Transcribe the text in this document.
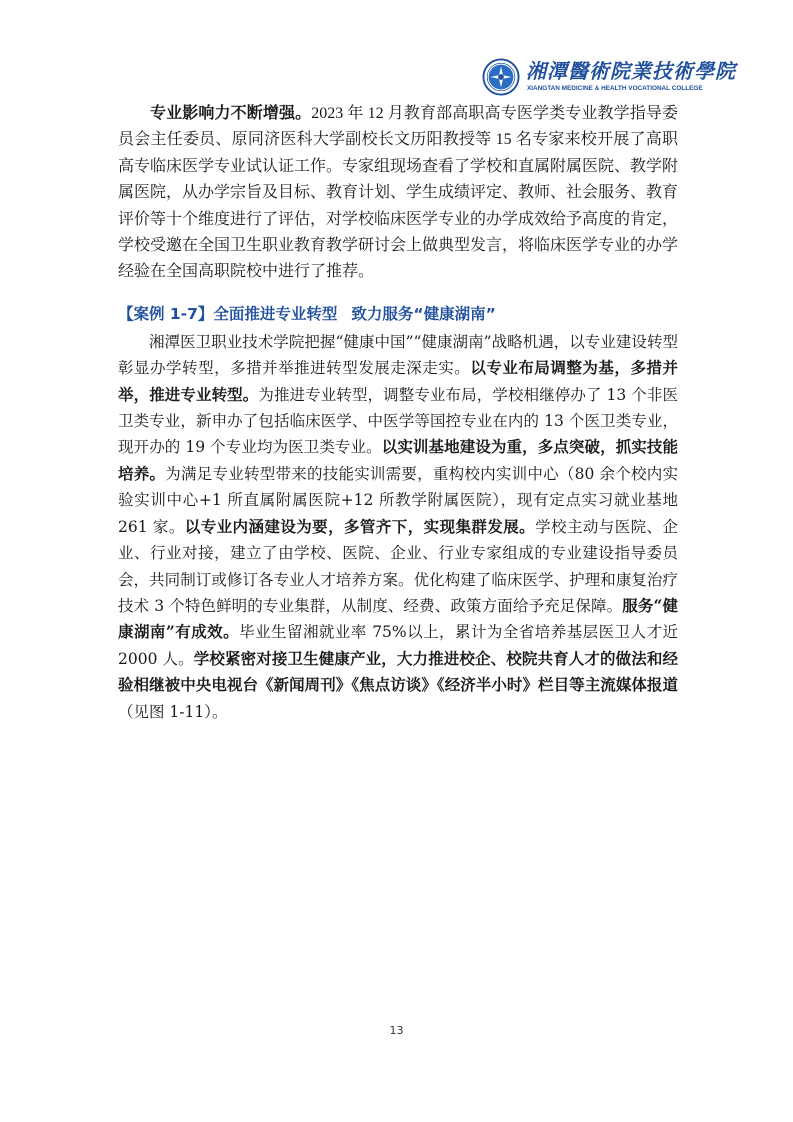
湘潭醫術院業技術學院
XIANGTAN MEDICINE & HEALTH VOCATIONAL COLLEGE

专业影响力不断增强。2023 年 12 月教育部高职高专医学类专业教学指导委员会主任委员、原同济医科大学副校长文历阳教授等 15 名专家来校开展了高职高专临床医学专业试认证工作。专家组现场查看了学校和直属附属医院、教学附属医院，从办学宗旨及目标、教育计划、学生成绩评定、教师、社会服务、教育评价等十个维度进行了评估，对学校临床医学专业的办学成效给予高度的肯定，学校受邀在全国卫生职业教育教学研讨会上做典型发言，将临床医学专业的办学经验在全国高职院校中进行了推荐。

【案例 1-7】全面推进专业转型 致力服务“健康湖南”

湘潭医卫职业技术学院把握“健康中国”“健康湖南”战略机遇，以专业建设转型彰显办学转型，多措并举推进转型发展走深走实。以专业布局调整为基，多措并举，推进专业转型。为推进专业转型，调整专业布局，学校相继停办了 13 个非医卫类专业，新申办了包括临床医学、中医学等国控专业在内的 13 个医卫类专业，现开办的 19 个专业均为医卫类专业。以实训基地建设为重，多点突破，抓实技能培养。为满足专业转型带来的技能实训需要，重构校内实训中心（80 余个校内实验实训中心+1 所直属附属医院+12 所教学附属医院），现有定点实习就业基地 261 家。以专业内涵建设为要，多管齐下，实现集群发展。学校主动与医院、企业、行业对接，建立了由学校、医院、企业、行业专家组成的专业建设指导委员会，共同制订或修订各专业人才培养方案。优化构建了临床医学、护理和康复治疗技术 3 个特色鲜明的专业集群，从制度、经费、政策方面给予充足保障。服务“健康湖南”有成效。毕业生留湘就业率 75%以上，累计为全省培养基层医卫人才近 2000 人。学校紧密对接卫生健康产业，大力推进校企、校院共育人才的做法和经验相继被中央电视台《新闻周刊》《焦点访谈》《经济半小时》栏目等主流媒体报道（见图 1-11）。

13
